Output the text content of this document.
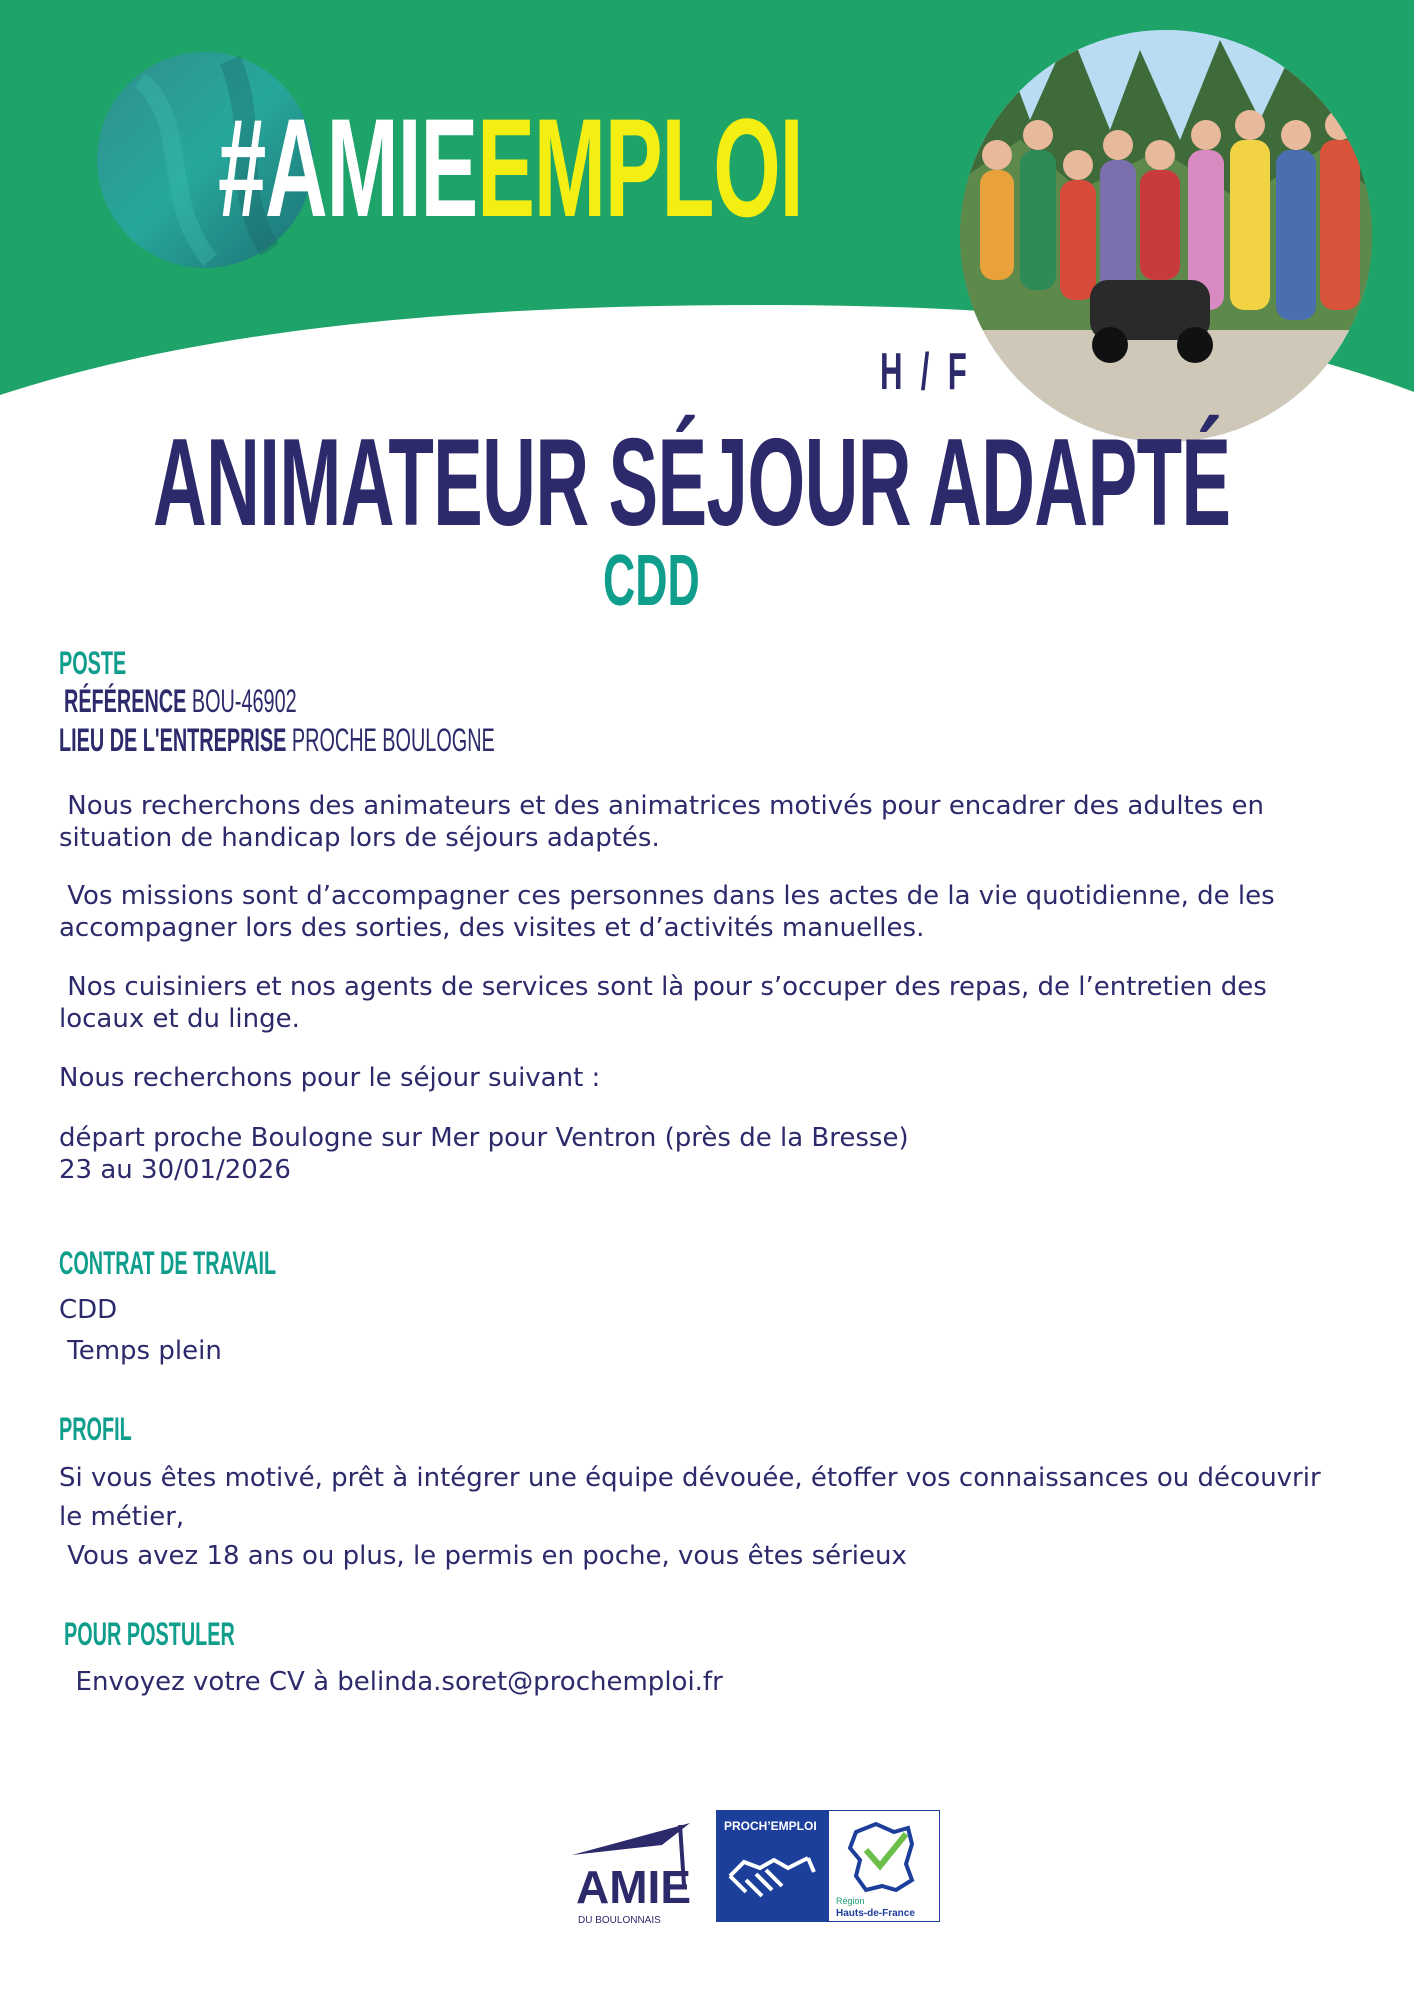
#AMIEEMPLOI
H / F
ANIMATEUR SÉJOUR ADAPTÉ
CDD
POSTE
RÉFÉRENCE BOU-46902
LIEU DE L'ENTREPRISE PROCHE BOULOGNE
Nous recherchons des animateurs et des animatrices motivés pour encadrer des adultes en
situation de handicap lors de séjours adaptés.
Vos missions sont d’accompagner ces personnes dans les actes de la vie quotidienne, de les
accompagner lors des sorties, des visites et d’activités manuelles.
Nos cuisiniers et nos agents de services sont là pour s’occuper des repas, de l’entretien des
locaux et du linge.
Nous recherchons pour le séjour suivant :
départ proche Boulogne sur Mer pour Ventron (près de la Bresse)
23 au 30/01/2026
CONTRAT DE TRAVAIL
CDD
Temps plein
PROFIL
Si vous êtes motivé, prêt à intégrer une équipe dévouée, étoffer vos connaissances ou découvrir
le métier,
Vous avez 18 ans ou plus, le permis en poche, vous êtes sérieux
POUR POSTULER
Envoyez votre CV à belinda.soret@prochemploi.fr
AMIE
DU BOULONNAIS
PROCH’EMPLOI
Région
Hauts-de-France
